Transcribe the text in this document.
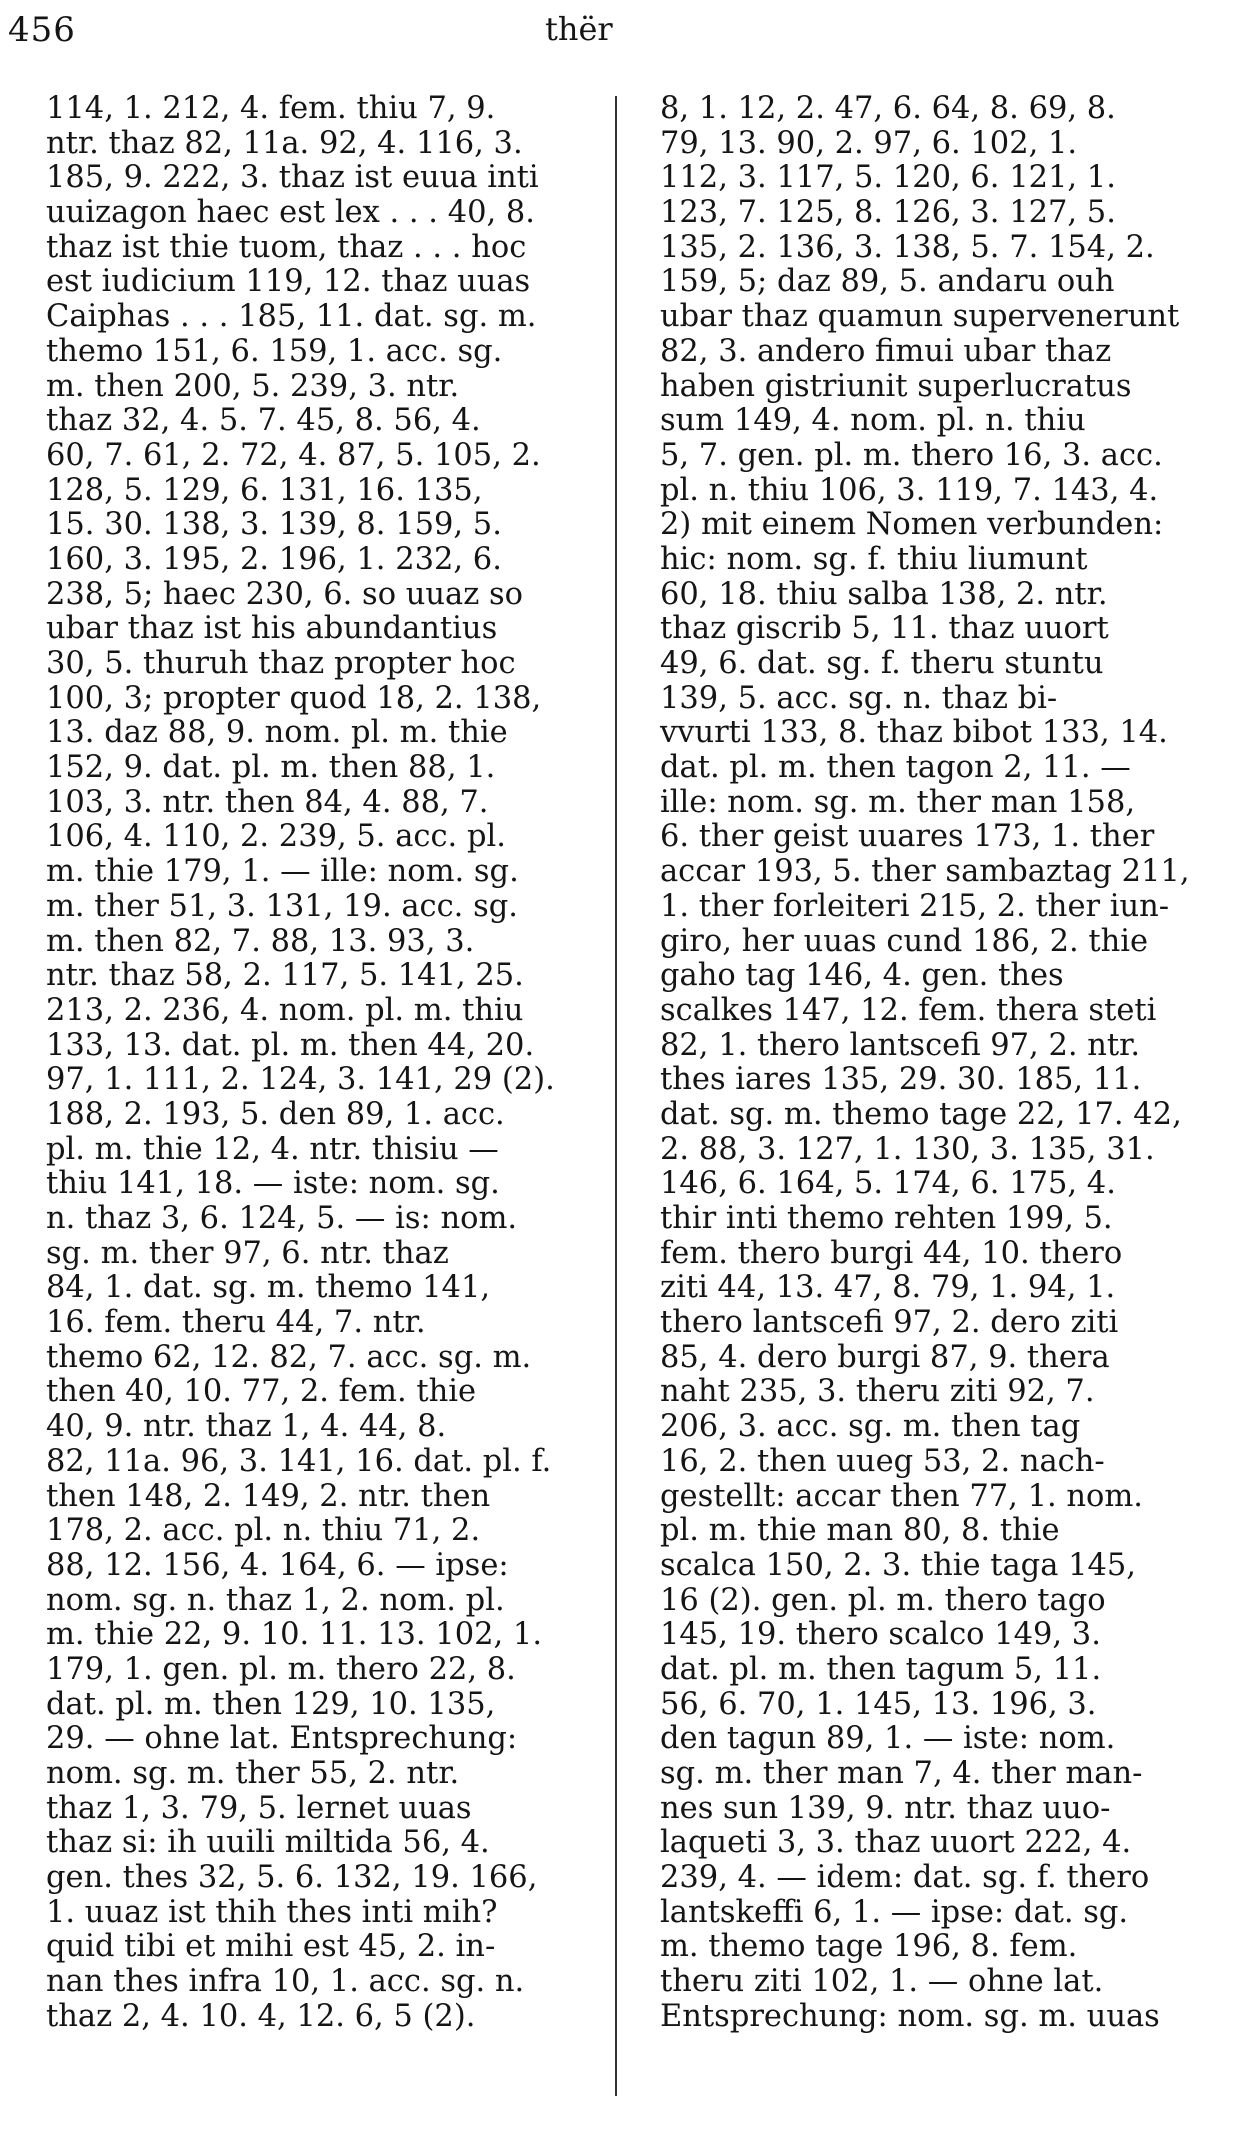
456	thër
114, 1. 212, 4. fem. thiu 7, 9.
ntr. thaz 82, 11a. 92, 4. 116, 3.
185, 9. 222, 3. thaz ist euua inti
uuizagon haec est lex . . . 40, 8.
thaz ist thie tuom, thaz . . . hoc
est iudicium 119, 12. thaz uuas
Caiphas . . . 185, 11. dat. sg. m.
themo 151, 6. 159, 1. acc. sg.
m. then 200, 5. 239, 3. ntr.
thaz 32, 4. 5. 7. 45, 8. 56, 4.
60, 7. 61, 2. 72, 4. 87, 5. 105, 2.
128, 5. 129, 6. 131, 16. 135,
15. 30. 138, 3. 139, 8. 159, 5.
160, 3. 195, 2. 196, 1. 232, 6.
238, 5; haec 230, 6. so uuaz so
ubar thaz ist his abundantius
30, 5. thuruh thaz propter hoc
100, 3; propter quod 18, 2. 138,
13. daz 88, 9. nom. pl. m. thie
152, 9. dat. pl. m. then 88, 1.
103, 3. ntr. then 84, 4. 88, 7.
106, 4. 110, 2. 239, 5. acc. pl.
m. thie 179, 1. — ille: nom. sg.
m. ther 51, 3. 131, 19. acc. sg.
m. then 82, 7. 88, 13. 93, 3.
ntr. thaz 58, 2. 117, 5. 141, 25.
213, 2. 236, 4. nom. pl. m. thiu
133, 13. dat. pl. m. then 44, 20.
97, 1. 111, 2. 124, 3. 141, 29 (2).
188, 2. 193, 5. den 89, 1. acc.
pl. m. thie 12, 4. ntr. thisiu —
thiu 141, 18. — iste: nom. sg.
n. thaz 3, 6. 124, 5. — is: nom.
sg. m. ther 97, 6. ntr. thaz
84, 1. dat. sg. m. themo 141,
16. fem. theru 44, 7. ntr.
themo 62, 12. 82, 7. acc. sg. m.
then 40, 10. 77, 2. fem. thie
40, 9. ntr. thaz 1, 4. 44, 8.
82, 11a. 96, 3. 141, 16. dat. pl. f.
then 148, 2. 149, 2. ntr. then
178, 2. acc. pl. n. thiu 71, 2.
88, 12. 156, 4. 164, 6. — ipse:
nom. sg. n. thaz 1, 2. nom. pl.
m. thie 22, 9. 10. 11. 13. 102, 1.
179, 1. gen. pl. m. thero 22, 8.
dat. pl. m. then 129, 10. 135,
29. — ohne lat. Entsprechung:
nom. sg. m. ther 55, 2. ntr.
thaz 1, 3. 79, 5. lernet uuas
thaz si: ih uuili miltida 56, 4.
gen. thes 32, 5. 6. 132, 19. 166,
1. uuaz ist thih thes inti mih?
quid tibi et mihi est 45, 2. in-
nan thes infra 10, 1. acc. sg. n.
thaz 2, 4. 10. 4, 12. 6, 5 (2).
8, 1. 12, 2. 47, 6. 64, 8. 69, 8.
79, 13. 90, 2. 97, 6. 102, 1.
112, 3. 117, 5. 120, 6. 121, 1.
123, 7. 125, 8. 126, 3. 127, 5.
135, 2. 136, 3. 138, 5. 7. 154, 2.
159, 5; daz 89, 5. andaru ouh
ubar thaz quamun supervenerunt
82, 3. andero fimui ubar thaz
haben gistriunit superlucratus
sum 149, 4. nom. pl. n. thiu
5, 7. gen. pl. m. thero 16, 3. acc.
pl. n. thiu 106, 3. 119, 7. 143, 4.
2) mit einem Nomen verbunden:
hic: nom. sg. f. thiu liumunt
60, 18. thiu salba 138, 2. ntr.
thaz giscrib 5, 11. thaz uuort
49, 6. dat. sg. f. theru stuntu
139, 5. acc. sg. n. thaz bi-
vvurti 133, 8. thaz bibot 133, 14.
dat. pl. m. then tagon 2, 11. —
ille: nom. sg. m. ther man 158,
6. ther geist uuares 173, 1. ther
accar 193, 5. ther sambaztag 211,
1. ther forleiteri 215, 2. ther iun-
giro, her uuas cund 186, 2. thie
gaho tag 146, 4. gen. thes
scalkes 147, 12. fem. thera steti
82, 1. thero lantscefi 97, 2. ntr.
thes iares 135, 29. 30. 185, 11.
dat. sg. m. themo tage 22, 17. 42,
2. 88, 3. 127, 1. 130, 3. 135, 31.
146, 6. 164, 5. 174, 6. 175, 4.
thir inti themo rehten 199, 5.
fem. thero burgi 44, 10. thero
ziti 44, 13. 47, 8. 79, 1. 94, 1.
thero lantscefi 97, 2. dero ziti
85, 4. dero burgi 87, 9. thera
naht 235, 3. theru ziti 92, 7.
206, 3. acc. sg. m. then tag
16, 2. then uueg 53, 2. nach-
gestellt: accar then 77, 1. nom.
pl. m. thie man 80, 8. thie
scalca 150, 2. 3. thie taga 145,
16 (2). gen. pl. m. thero tago
145, 19. thero scalco 149, 3.
dat. pl. m. then tagum 5, 11.
56, 6. 70, 1. 145, 13. 196, 3.
den tagun 89, 1. — iste: nom.
sg. m. ther man 7, 4. ther man-
nes sun 139, 9. ntr. thaz uuo-
laqueti 3, 3. thaz uuort 222, 4.
239, 4. — idem: dat. sg. f. thero
lantskeffi 6, 1. — ipse: dat. sg.
m. themo tage 196, 8. fem.
theru ziti 102, 1. — ohne lat.
Entsprechung: nom. sg. m. uuas
